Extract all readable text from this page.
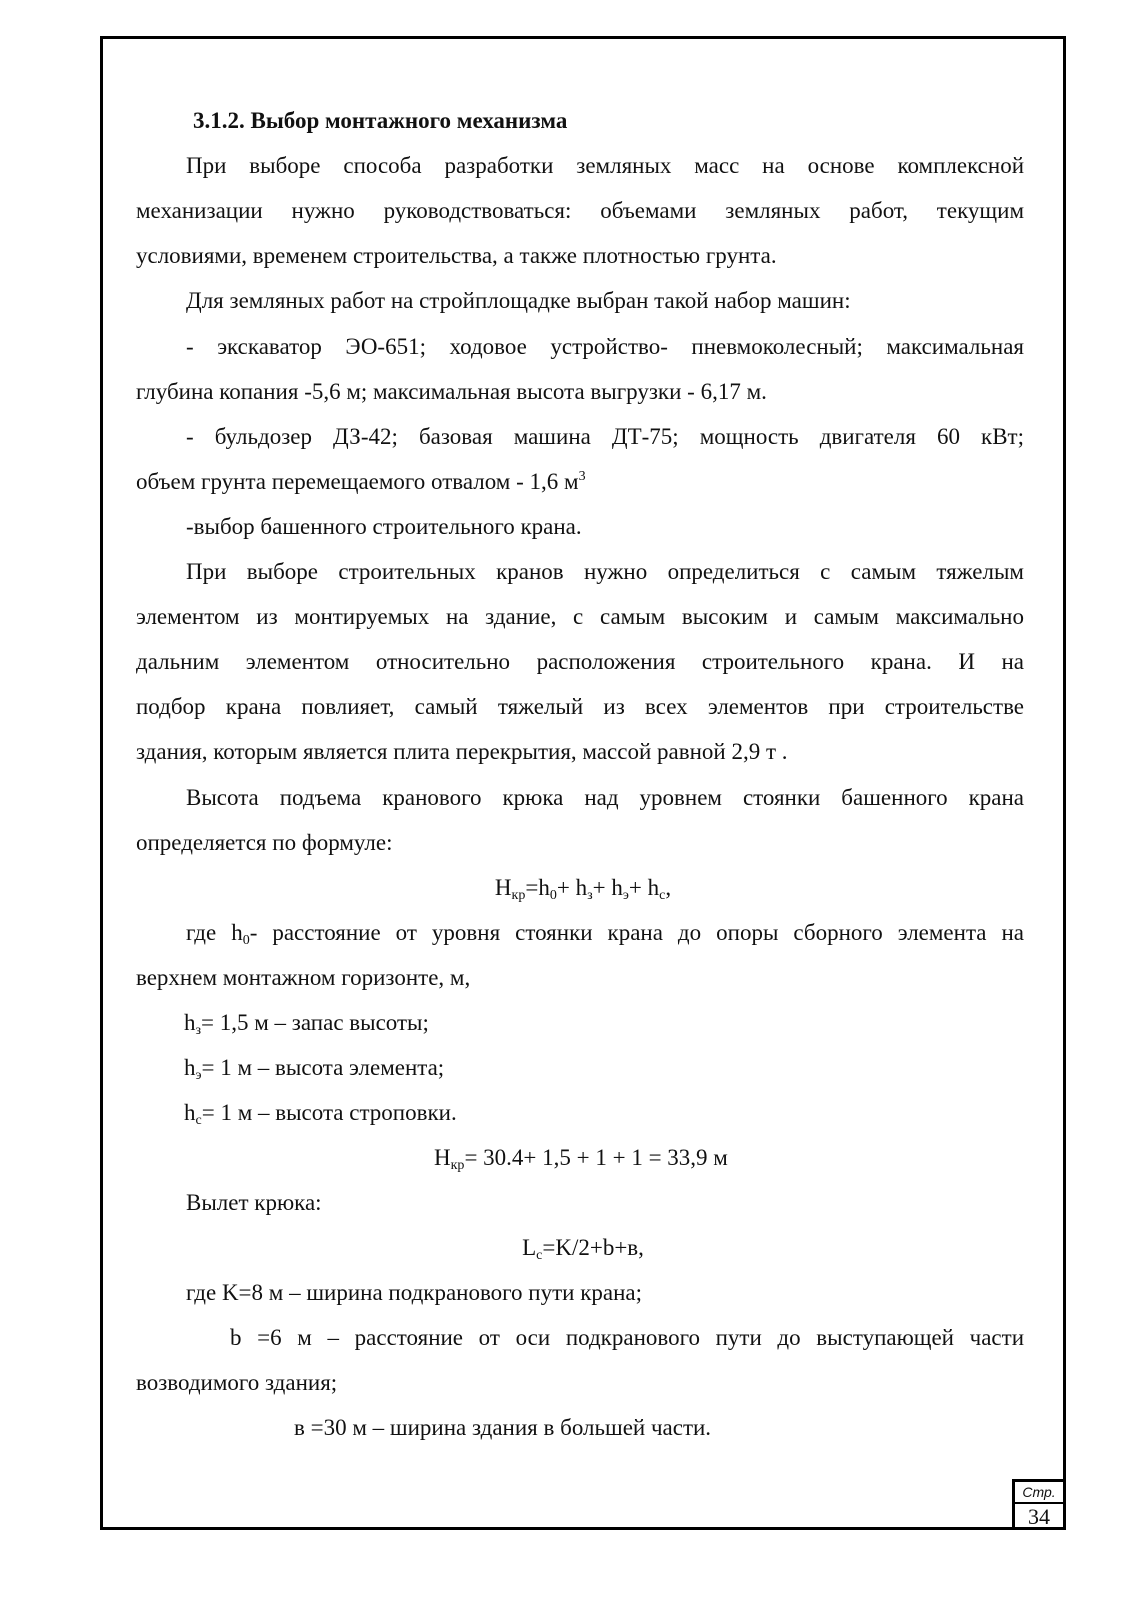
3.1.2. Выбор монтажного механизма
При выборе способа разработки земляных масс на основе комплексной
механизации нужно руководствоваться: объемами земляных работ, текущим
условиями, временем строительства, а также плотностью грунта.
Для земляных работ на стройплощадке выбран такой набор машин:
- экскаватор ЭО-651; ходовое устройство- пневмоколесный; максимальная
глубина копания -5,6 м; максимальная высота выгрузки - 6,17 м.
- бульдозер ДЗ-42; базовая машина ДТ-75; мощность двигателя 60 кВт;
объем грунта перемещаемого отвалом - 1,6 $м^3$
-выбор башенного строительного крана.
При выборе строительных кранов нужно определиться с самым тяжелым
элементом из монтируемых на здание, с самым высоким и самым максимально
дальним элементом относительно расположения строительного крана. И на
подбор крана повлияет, самый тяжелый из всех элементов при строительстве
здания, которым является плита перекрытия, массой равной 2,9 т .
Высота подъема кранового крюка над уровнем стоянки башенного крана
определяется по формуле:
$H_{кр}=h_0+ h_з+ h_э+ h_с$,
где $h_0-$ расстояние от уровня стоянки крана до опоры сборного элемента на
верхнем монтажном горизонте, м,
$h_з= 1,5$ м – запас высоты;
$h_э= 1$ м – высота элемента;
$h_с= 1$ м – высота строповки.
$H_{кр}= 30.4+ 1,5 + 1 + 1 = 33,9$ м
Вылет крюка:
$L_с=K/2+b+в$,
где K=8 м – ширина подкранового пути крана;
b =6 м – расстояние от оси подкранового пути до выступающей части
возводимого здания;
в =30 м – ширина здания в большей части.
Стр.
34
